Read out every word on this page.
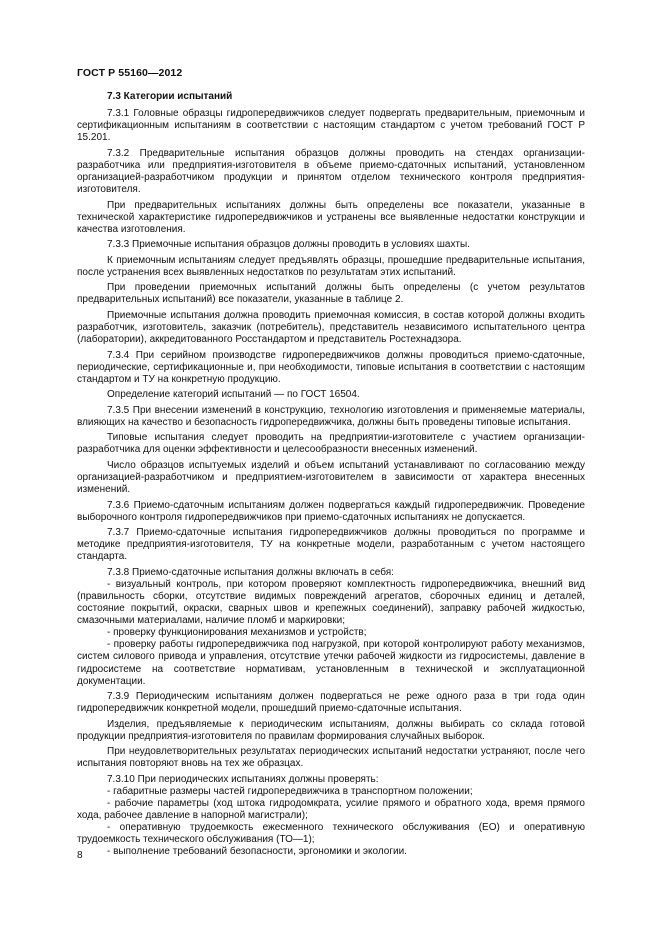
ГОСТ Р 55160—2012
7.3 Категории испытаний
7.3.1 Головные образцы гидропередвижчиков следует подвергать предварительным, приемочным и сертификационным испытаниям в соответствии с настоящим стандартом с учетом требований ГОСТ Р 15.201.
7.3.2 Предварительные испытания образцов должны проводить на стендах организации-разработчика или предприятия-изготовителя в объеме приемо-сдаточных испытаний, установленном организацией-разработчиком продукции и принятом отделом технического контроля предприятия-изготовителя.
При предварительных испытаниях должны быть определены все показатели, указанные в технической характеристике гидропередвижчиков и устранены все выявленные недостатки конструкции и качества изготовления.
7.3.3 Приемочные испытания образцов должны проводить в условиях шахты.
К приемочным испытаниям следует предъявлять образцы, прошедшие предварительные испытания, после устранения всех выявленных недостатков по результатам этих испытаний.
При проведении приемочных испытаний должны быть определены (с учетом результатов предварительных испытаний) все показатели, указанные в таблице 2.
Приемочные испытания должна проводить приемочная комиссия, в состав которой должны входить разработчик, изготовитель, заказчик (потребитель), представитель независимого испытательного центра (лаборатории), аккредитованного Росстандартом и представитель Ростехнадзора.
7.3.4 При серийном производстве гидропередвижчиков должны проводиться приемо-сдаточные, периодические, сертификационные и, при необходимости, типовые испытания в соответствии с настоящим стандартом и ТУ на конкретную продукцию.
Определение категорий испытаний — по ГОСТ 16504.
7.3.5 При внесении изменений в конструкцию, технологию изготовления и применяемые материалы, влияющих на качество и безопасность гидропередвижчика, должны быть проведены типовые испытания.
Типовые испытания следует проводить на предприятии-изготовителе с участием организации-разработчика для оценки эффективности и целесообразности внесенных изменений.
Число образцов испытуемых изделий и объем испытаний устанавливают по согласованию между организацией-разработчиком и предприятием-изготовителем в зависимости от характера внесенных изменений.
7.3.6 Приемо-сдаточным испытаниям должен подвергаться каждый гидропередвижчик. Проведение выборочного контроля гидропередвижчиков при приемо-сдаточных испытаниях не допускается.
7.3.7 Приемо-сдаточные испытания гидропередвижчиков должны проводиться по программе и методике предприятия-изготовителя, ТУ на конкретные модели, разработанным с учетом настоящего стандарта.
7.3.8 Приемо-сдаточные испытания должны включать в себя:
- визуальный контроль, при котором проверяют комплектность гидропередвижчика, внешний вид (правильность сборки, отсутствие видимых повреждений агрегатов, сборочных единиц и деталей, состояние покрытий, окраски, сварных швов и крепежных соединений), заправку рабочей жидкостью, смазочными материалами, наличие пломб и маркировки;
- проверку функционирования механизмов и устройств;
- проверку работы гидропередвижчика под нагрузкой, при которой контролируют работу механизмов, систем силового привода и управления, отсутствие утечки рабочей жидкости из гидросистемы, давление в гидросистеме на соответствие нормативам, установленным в технической и эксплуатационной документации.
7.3.9 Периодическим испытаниям должен подвергаться не реже одного раза в три года один гидропередвижчик конкретной модели, прошедший приемо-сдаточные испытания.
Изделия, предъявляемые к периодическим испытаниям, должны выбирать со склада готовой продукции предприятия-изготовителя по правилам формирования случайных выборок.
При неудовлетворительных результатах периодических испытаний недостатки устраняют, после чего испытания повторяют вновь на тех же образцах.
7.3.10 При периодических испытаниях должны проверять:
- габаритные размеры частей гидропередвижчика в транспортном положении;
- рабочие параметры (ход штока гидродомкрата, усилие прямого и обратного хода, время прямого хода, рабочее давление в напорной магистрали);
- оперативную трудоемкость ежесменного технического обслуживания (ЕО) и оперативную трудоемкость технического обслуживания (ТО—1);
- выполнение требований безопасности, эргономики и экологии.
8
